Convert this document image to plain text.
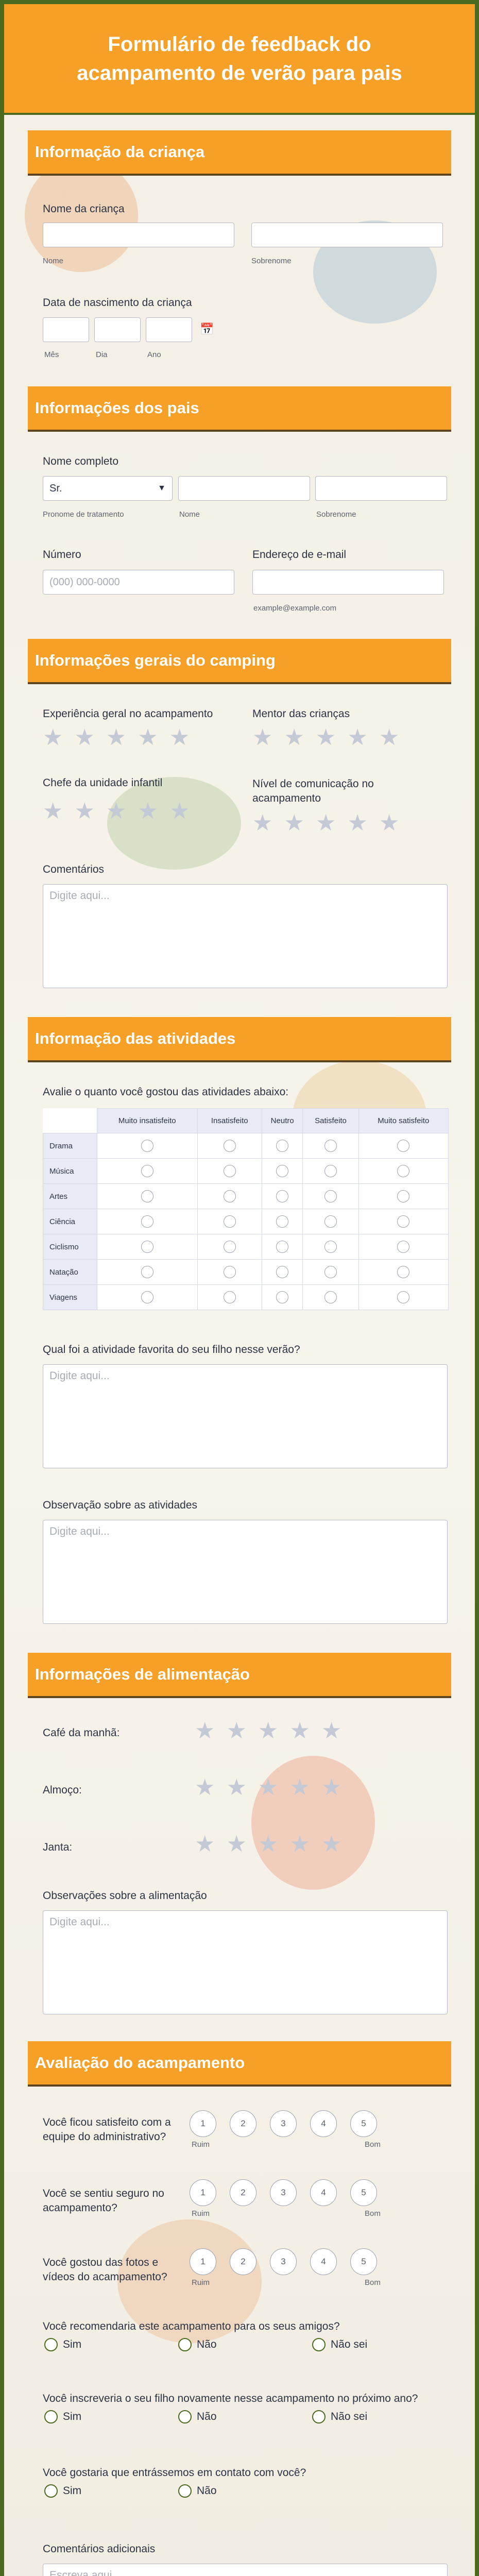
Formulário de feedback do acampamento de verão para pais
Informação da criança
Nome da criança
Nome	Sobrenome
Data de nascimento da criança
📅
Mês	Dia	Ano
Informações dos pais
Nome completo
Sr.	▼
Pronome de tratamento	Nome	Sobrenome
Número
(000) 000-0000	Endereço de e-mail
example@example.com
Informações gerais do camping
Experiência geral no acampamento
★ ★ ★ ★ ★
Mentor das crianças
★ ★ ★ ★ ★
Chefe da unidade infantil
★ ★ ★ ★ ★
Nível de comunicação no acampamento
★ ★ ★ ★ ★
Comentários
Digite aqui...
Informação das atividades
Avalie o quanto você gostou das atividades abaixo:
	Muito insatisfeito	Insatisfeito	Neutro	Satisfeito	Muito satisfeito
Drama					
Música					
Artes					
Ciência					
Ciclismo					
Natação					
Viagens					
Qual foi a atividade favorita do seu filho nesse verão?
Digite aqui...
Observação sobre as atividades
Digite aqui...
Informações de alimentação
Café da manhã:	★ ★ ★ ★ ★
Almoço:	★ ★ ★ ★ ★
Janta:	★ ★ ★ ★ ★
Observações sobre a alimentação
Digite aqui...
Avaliação do acampamento
Você ficou satisfeito com a equipe do administrativo?
1	2	3	4	5
Ruim	Bom
Você se sentiu seguro no acampamento?
1	2	3	4	5
Ruim	Bom
Você gostou das fotos e vídeos do acampamento?
1	2	3	4	5
Ruim	Bom
Você recomendaria este acampamento para os seus amigos?
Sim	Não	Não sei
Você inscreveria o seu filho novamente nesse acampamento no próximo ano?
Sim	Não	Não sei
Você gostaria que entrássemos em contato com você?
Sim	Não
Comentários adicionais
Escreva aqui...
